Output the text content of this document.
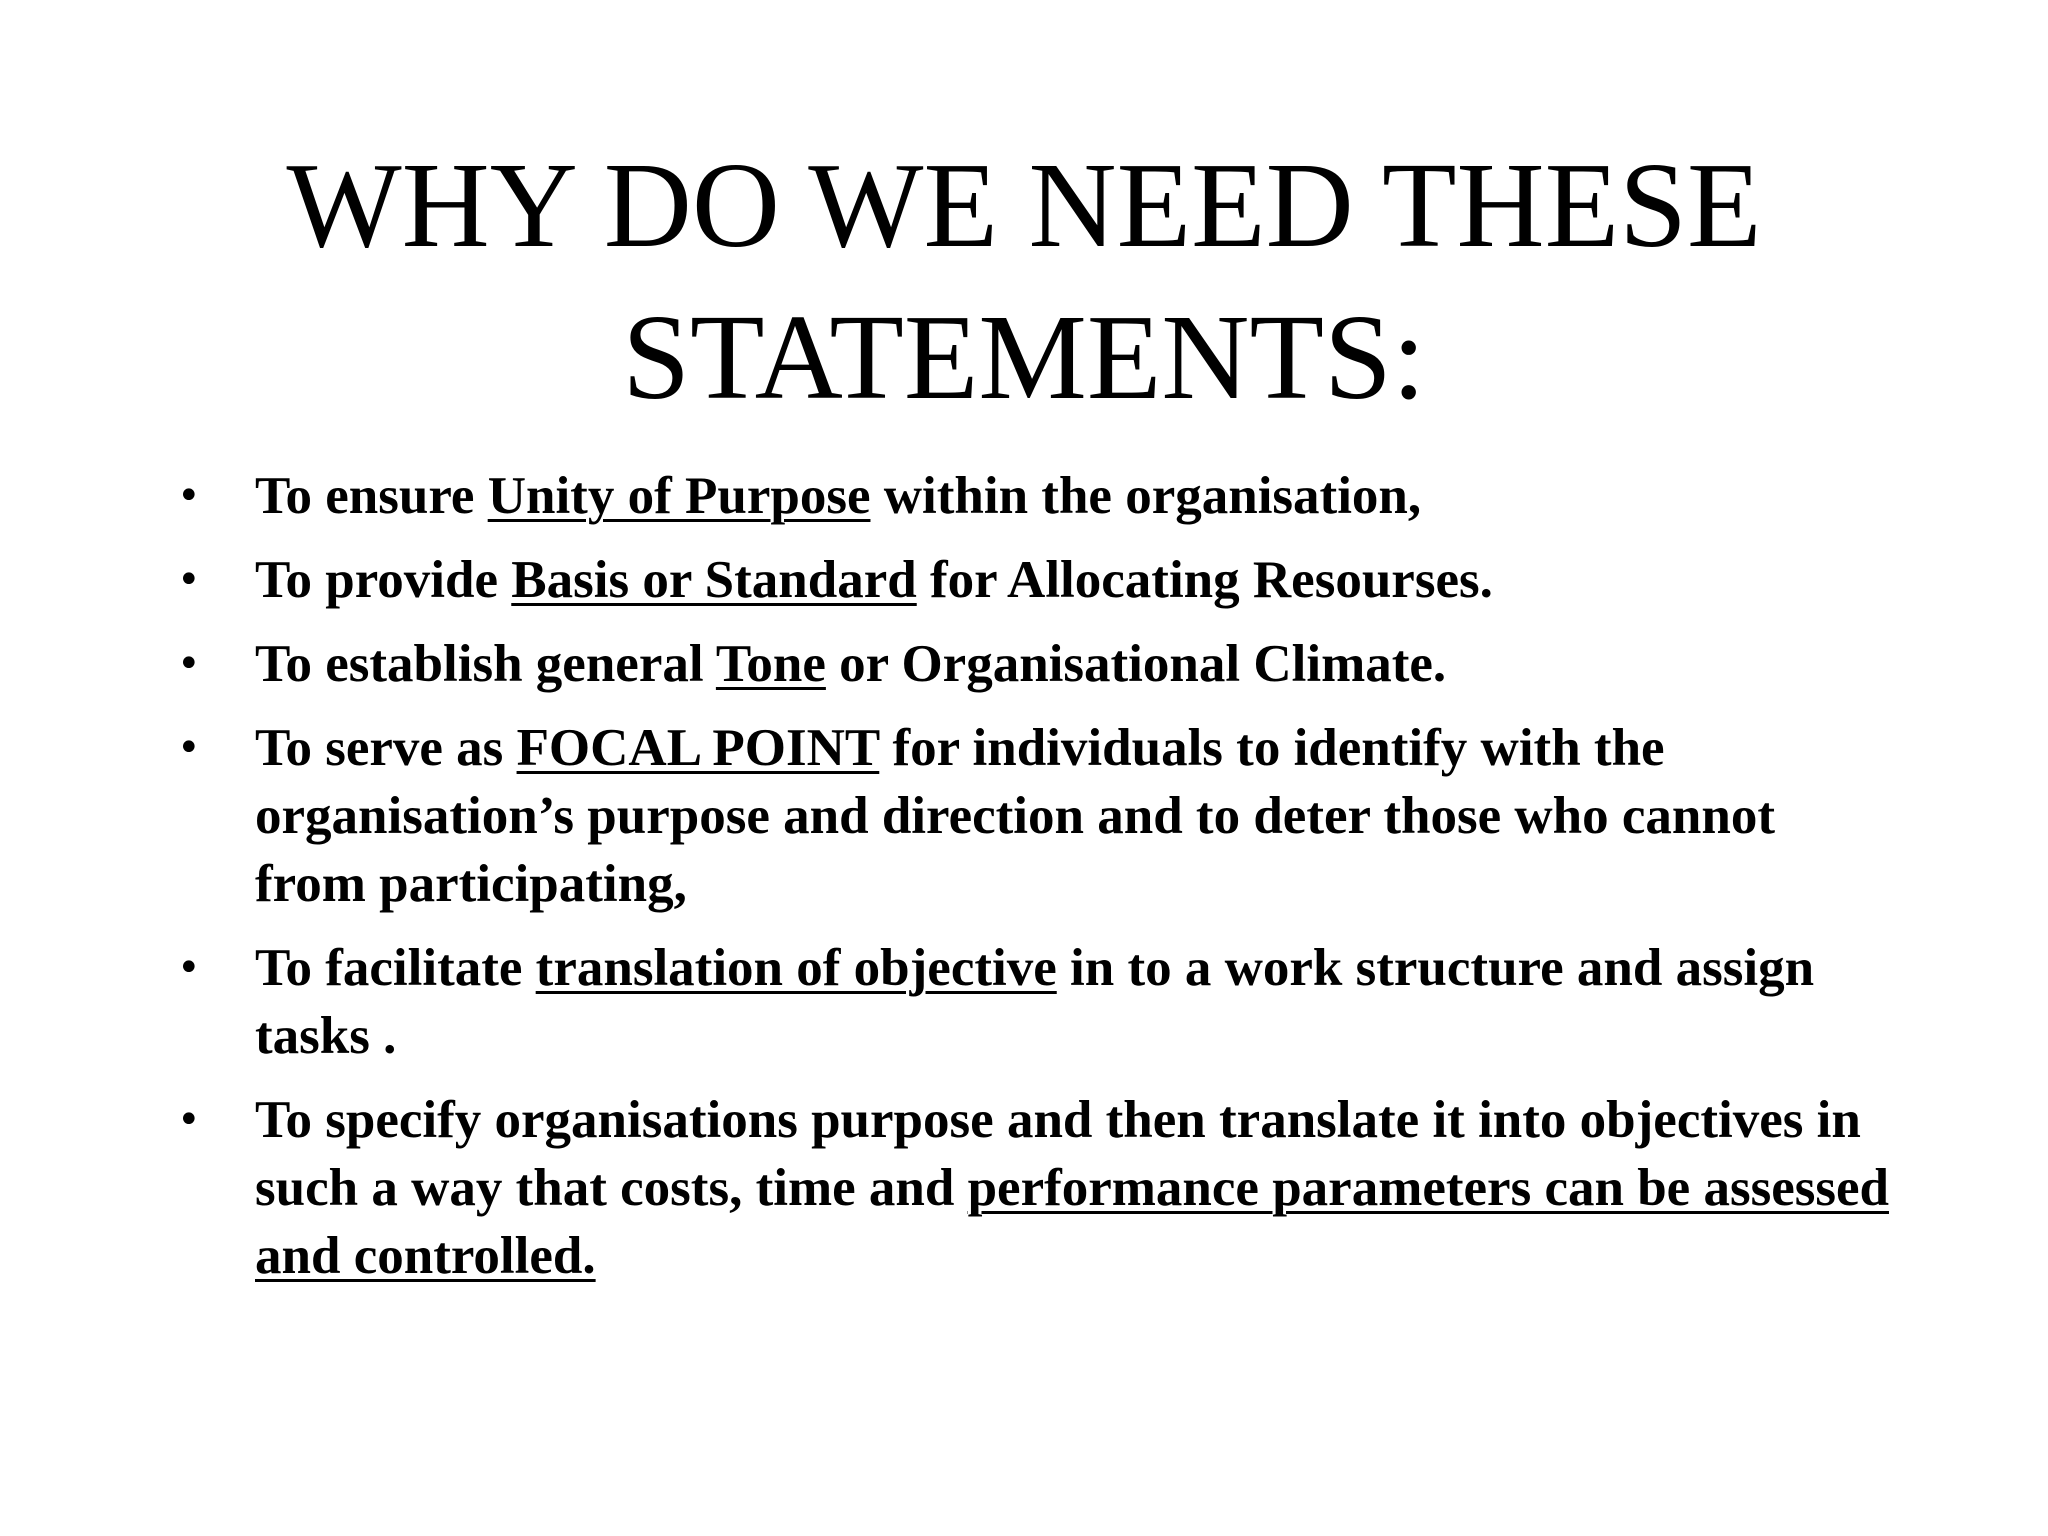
WHY DO WE NEED THESE
STATEMENTS:
• To ensure Unity of Purpose within the organisation,
• To provide Basis or Standard for Allocating Resourses.
• To establish general Tone or Organisational Climate.
• To serve as FOCAL POINT for individuals to identify with the organisation’s purpose and direction and to deter those who cannot from participating,
• To facilitate translation of objective in to a work structure and assign tasks .
• To specify organisations purpose and then translate it into objectives in such a way that costs, time and performance parameters can be assessed and controlled.
